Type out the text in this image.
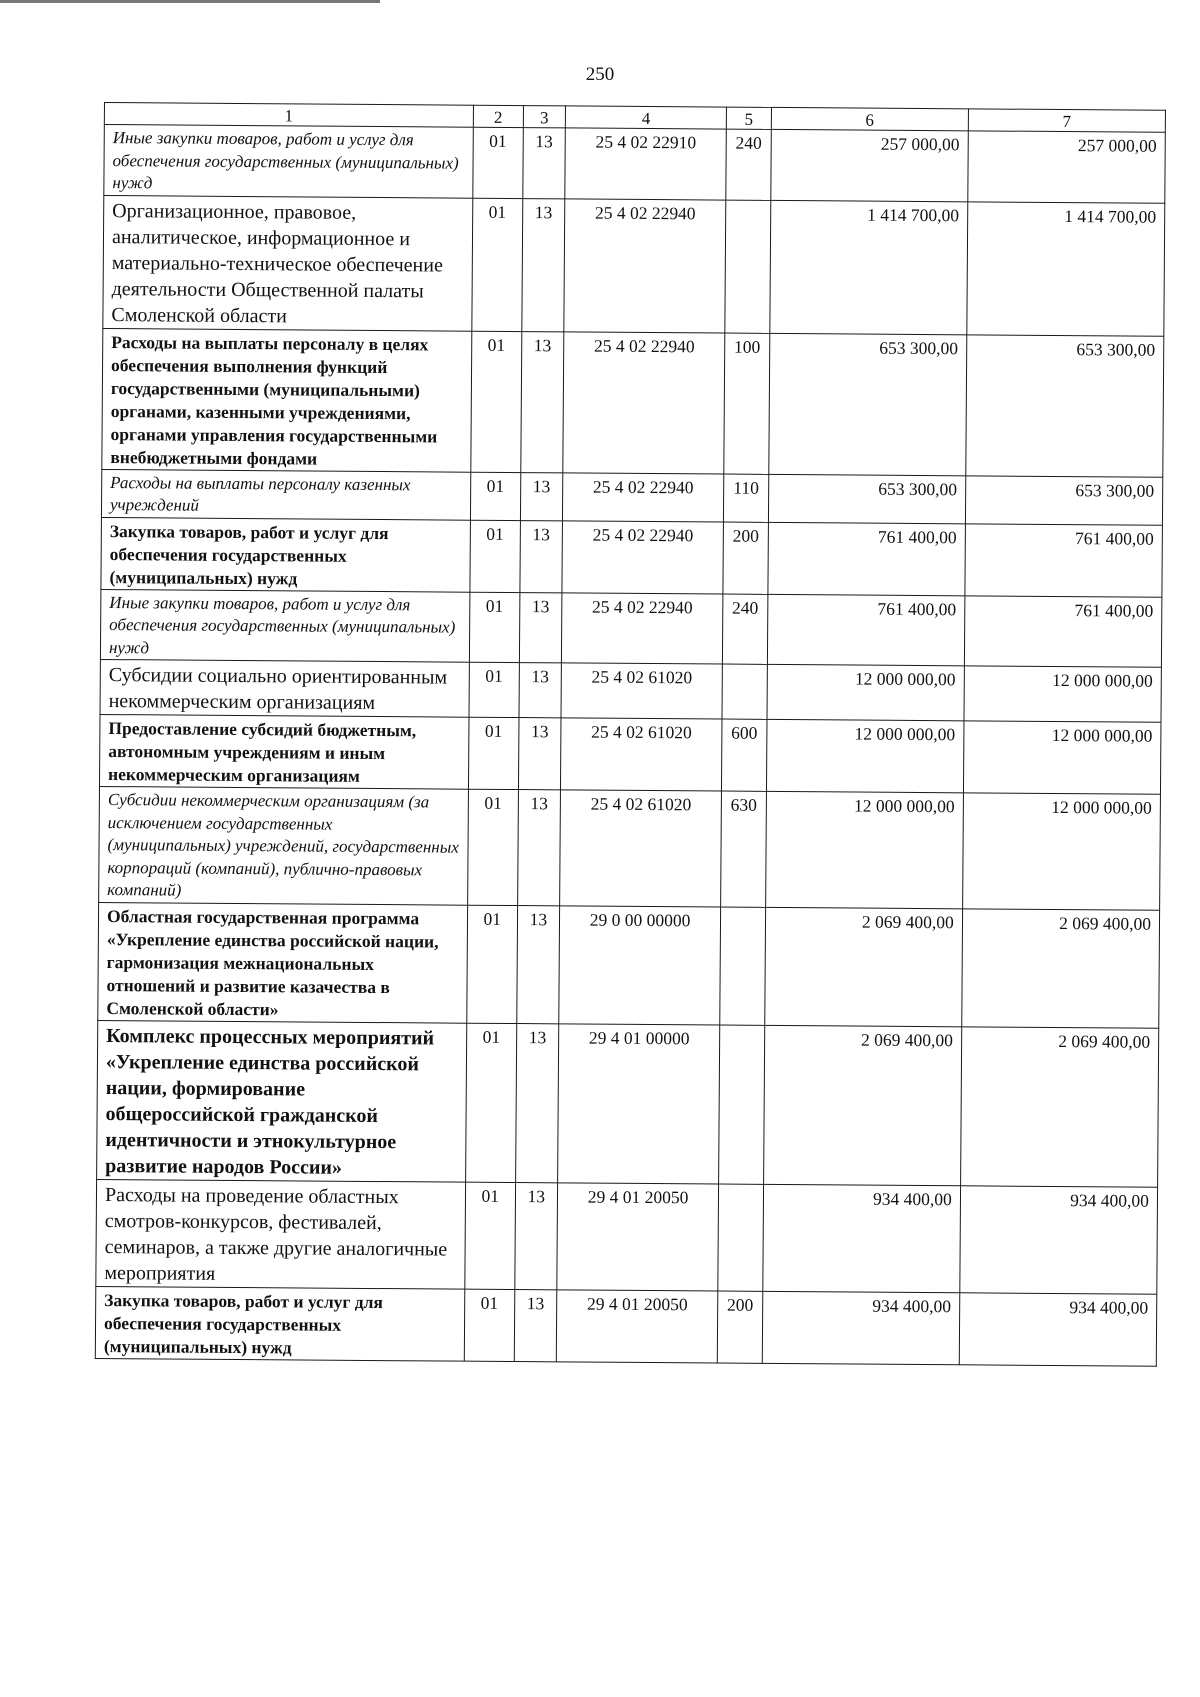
250
1	2	3	4	5	6	7
Иные закупки товаров, работ и услуг для обеспечения государственных (муниципальных) нужд	01	13	25 4 02 22910	240	257 000,00	257 000,00
Организационное, правовое, аналитическое, информационное и материально-техническое обеспечение деятельности Общественной палаты Смоленской области	01	13	25 4 02 22940		1 414 700,00	1 414 700,00
Расходы на выплаты персоналу в целях обеспечения выполнения функций государственными (муниципальными) органами, казенными учреждениями, органами управления государственными внебюджетными фондами	01	13	25 4 02 22940	100	653 300,00	653 300,00
Расходы на выплаты персоналу казенных учреждений	01	13	25 4 02 22940	110	653 300,00	653 300,00
Закупка товаров, работ и услуг для обеспечения государственных (муниципальных) нужд	01	13	25 4 02 22940	200	761 400,00	761 400,00
Иные закупки товаров, работ и услуг для обеспечения государственных (муниципальных) нужд	01	13	25 4 02 22940	240	761 400,00	761 400,00
Субсидии социально ориентированным некоммерческим организациям	01	13	25 4 02 61020		12 000 000,00	12 000 000,00
Предоставление субсидий бюджетным, автономным учреждениям и иным некоммерческим организациям	01	13	25 4 02 61020	600	12 000 000,00	12 000 000,00
Субсидии некоммерческим организациям (за исключением государственных (муниципальных) учреждений, государственных корпораций (компаний), публично-правовых компаний)	01	13	25 4 02 61020	630	12 000 000,00	12 000 000,00
Областная государственная программа «Укрепление единства российской нации, гармонизация межнациональных отношений и развитие казачества в Смоленской области»	01	13	29 0 00 00000		2 069 400,00	2 069 400,00
Комплекс процессных мероприятий «Укрепление единства российской нации, формирование общероссийской гражданской идентичности и этнокультурное развитие народов России»	01	13	29 4 01 00000		2 069 400,00	2 069 400,00
Расходы на проведение областных смотров-конкурсов, фестивалей, семинаров, а также другие аналогичные мероприятия	01	13	29 4 01 20050		934 400,00	934 400,00
Закупка товаров, работ и услуг для обеспечения государственных (муниципальных) нужд	01	13	29 4 01 20050	200	934 400,00	934 400,00
